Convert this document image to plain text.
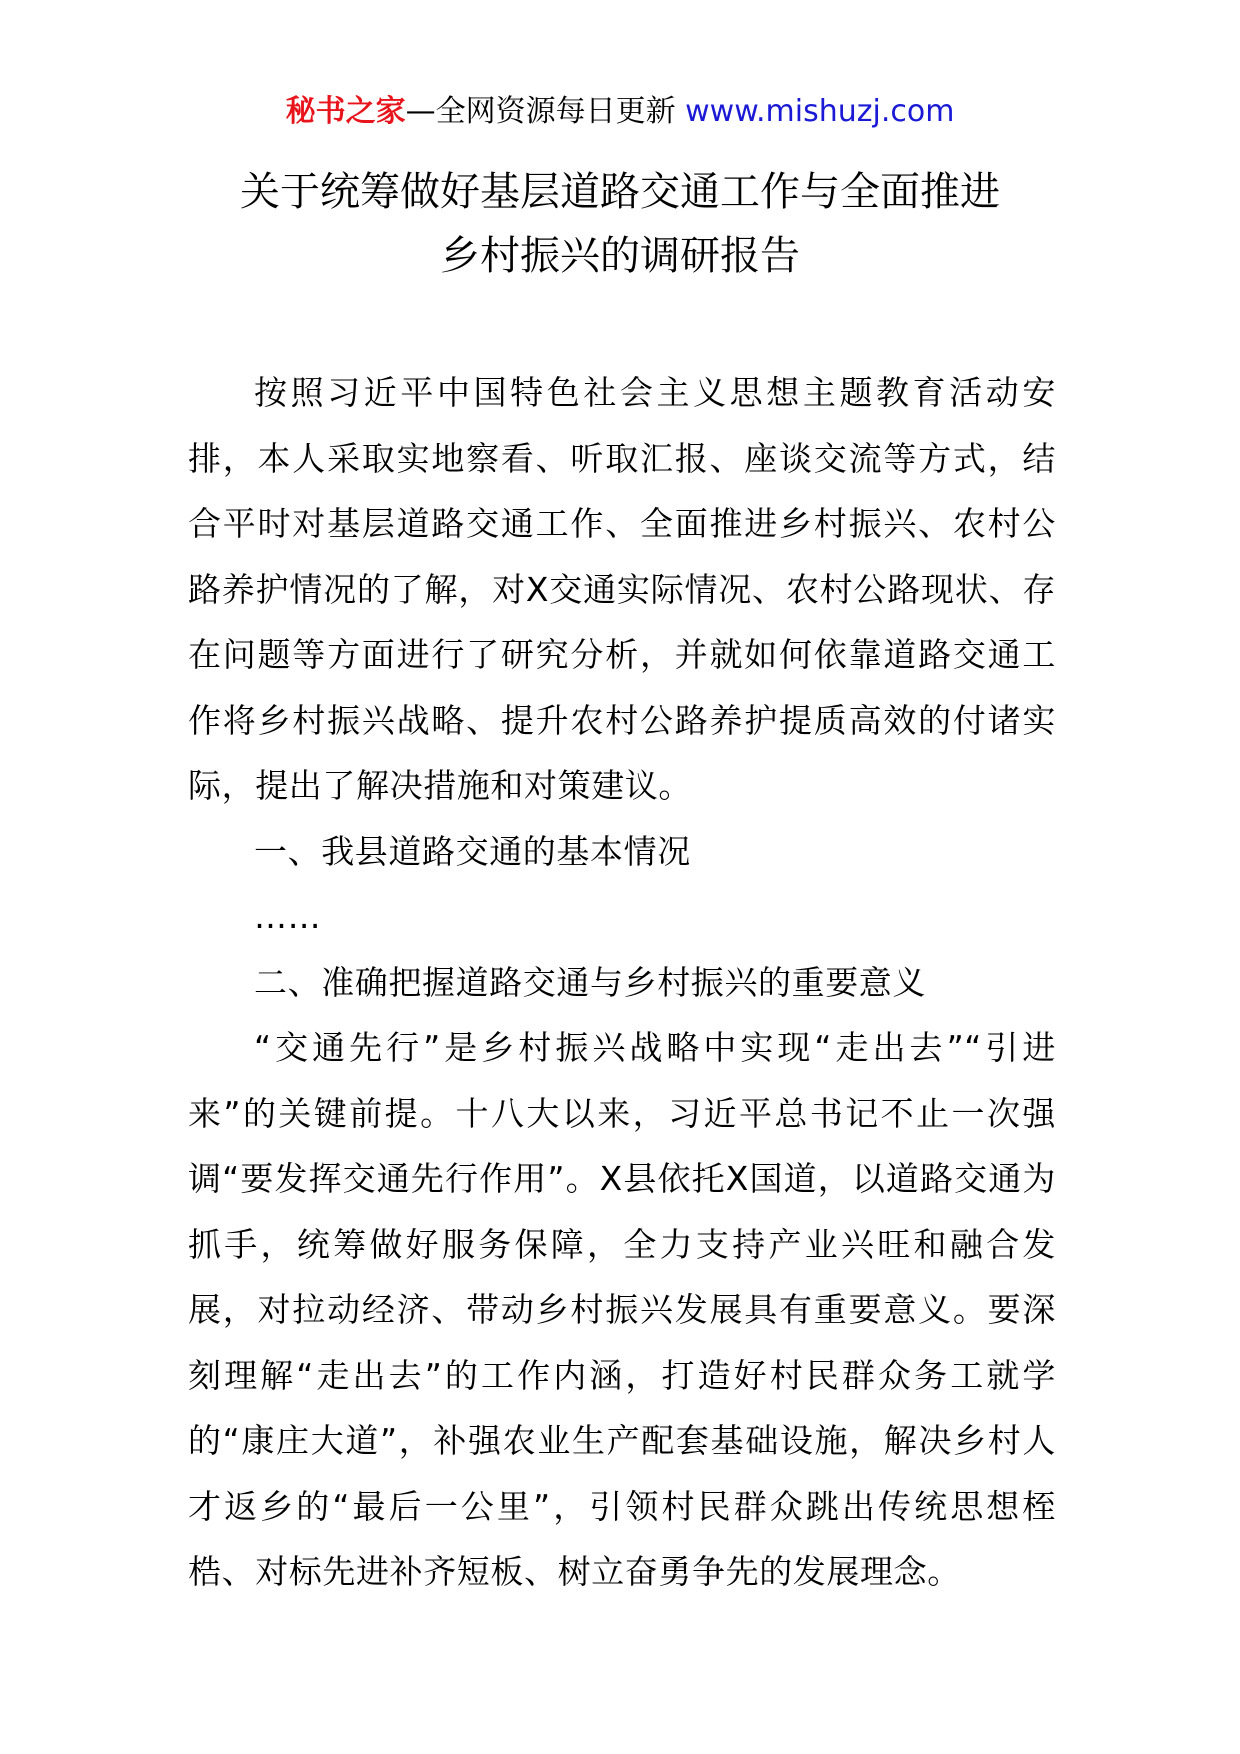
秘书之家—全网资源每日更新 www.mishuzj.com
关于统筹做好基层道路交通工作与全面推进
乡村振兴的调研报告

按照习近平中国特色社会主义思想主题教育活动安排，本人采取实地察看、听取汇报、座谈交流等方式，结合平时对基层道路交通工作、全面推进乡村振兴、农村公路养护情况的了解，对X交通实际情况、农村公路现状、存在问题等方面进行了研究分析，并就如何依靠道路交通工作将乡村振兴战略、提升农村公路养护提质高效的付诸实际，提出了解决措施和对策建议。

一、我县道路交通的基本情况

……

二、准确把握道路交通与乡村振兴的重要意义

“交通先行”是乡村振兴战略中实现“走出去”“引进来”的关键前提。十八大以来，习近平总书记不止一次强调“要发挥交通先行作用”。X县依托X国道，以道路交通为抓手，统筹做好服务保障，全力支持产业兴旺和融合发展，对拉动经济、带动乡村振兴发展具有重要意义。要深刻理解“走出去”的工作内涵，打造好村民群众务工就学的“康庄大道”，补强农业生产配套基础设施，解决乡村人才返乡的“最后一公里”，引领村民群众跳出传统思想桎梏、对标先进补齐短板、树立奋勇争先的发展理念。
